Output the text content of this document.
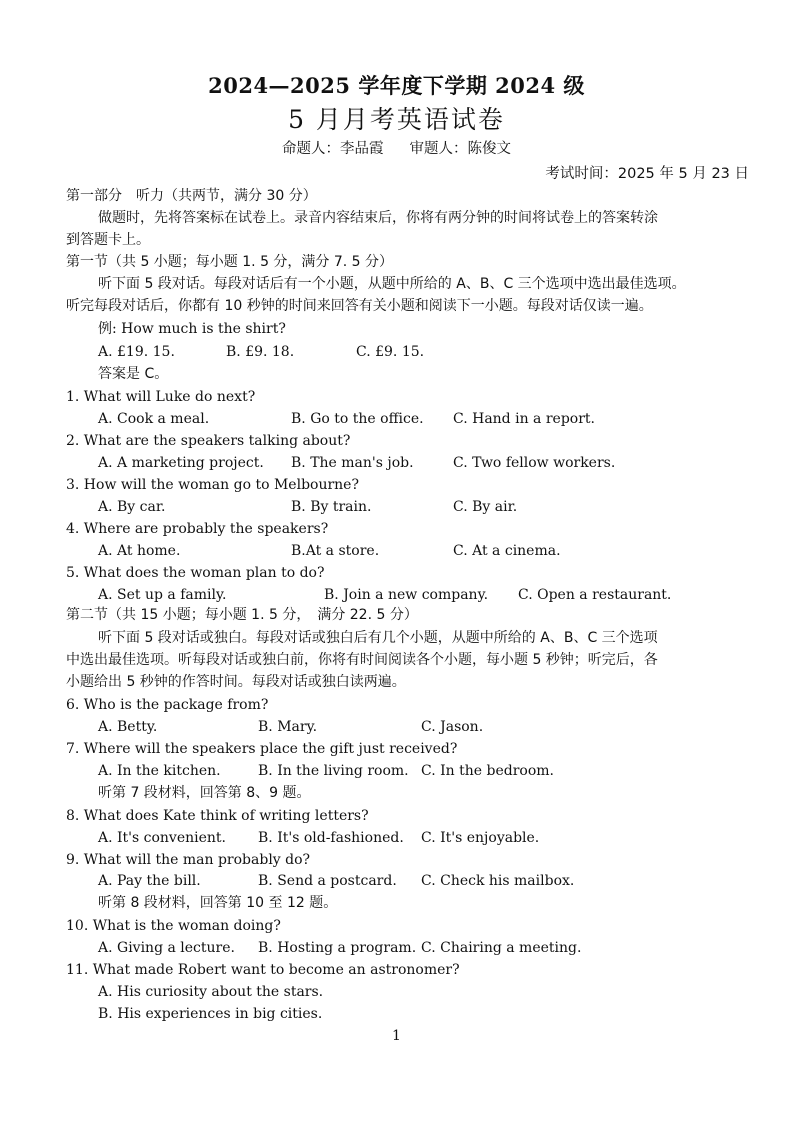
2024—2025 学年度下学期 2024 级
5 月月考英语试卷
命题人：李品霞 审题人：陈俊文
考试时间：2025 年 5 月 23 日
第一部分　听力（共两节，满分 30 分）
做题时，先将答案标在试卷上。录音内容结束后，你将有两分钟的时间将试卷上的答案转涂
到答题卡上。
第一节（共 5 小题；每小题 1. 5 分，满分 7. 5 分）
听下面 5 段对话。每段对话后有一个小题，从题中所给的 A、B、C 三个选项中选出最佳选项。
听完每段对话后，你都有 10 秒钟的时间来回答有关小题和阅读下一小题。每段对话仅读一遍。
例: How much is the shirt?
A. £19. 15.	B. £9. 18.	C. £9. 15.
答案是 C。
1. What will Luke do next?
A. Cook a meal.	B. Go to the office. C. Hand in a report.
2. What are the speakers talking about?
A. A marketing project. B. The man's job.	C. Two fellow workers.
3. How will the woman go to Melbourne?
A. By car.	B. By train.	C. By air.
4. Where are probably the speakers?
A. At home.	B.At a store.	C. At a cinema.
5. What does the woman plan to do?
A. Set up a family.	B. Join a new company. C. Open a restaurant.
第二节（共 15 小题；每小题 1. 5 分，　满分 22. 5 分）
听下面 5 段对话或独白。每段对话或独白后有几个小题，从题中所给的 A、B、C 三个选项
中选出最佳选项。听每段对话或独白前，你将有时间阅读各个小题，每小题 5 秒钟；听完后，各
小题给出 5 秒钟的作答时间。每段对话或独白读两遍。
6. Who is the package from?
A. Betty.	B. Mary.	C. Jason.
7. Where will the speakers place the gift just received?
A. In the kitchen.	B. In the living room. C. In the bedroom.
听第 7 段材料，回答第 8、9 题。
8. What does Kate think of writing letters?
A. It's convenient. B. It's old-fashioned. C. It's enjoyable.
9. What will the man probably do?
A. Pay the bill.	B. Send a postcard. C. Check his mailbox.
听第 8 段材料，回答第 10 至 12 题。
10. What is the woman doing?
A. Giving a lecture. B. Hosting a program. C. Chairing a meeting.
11. What made Robert want to become an astronomer?
A. His curiosity about the stars.
B. His experiences in big cities.
1
